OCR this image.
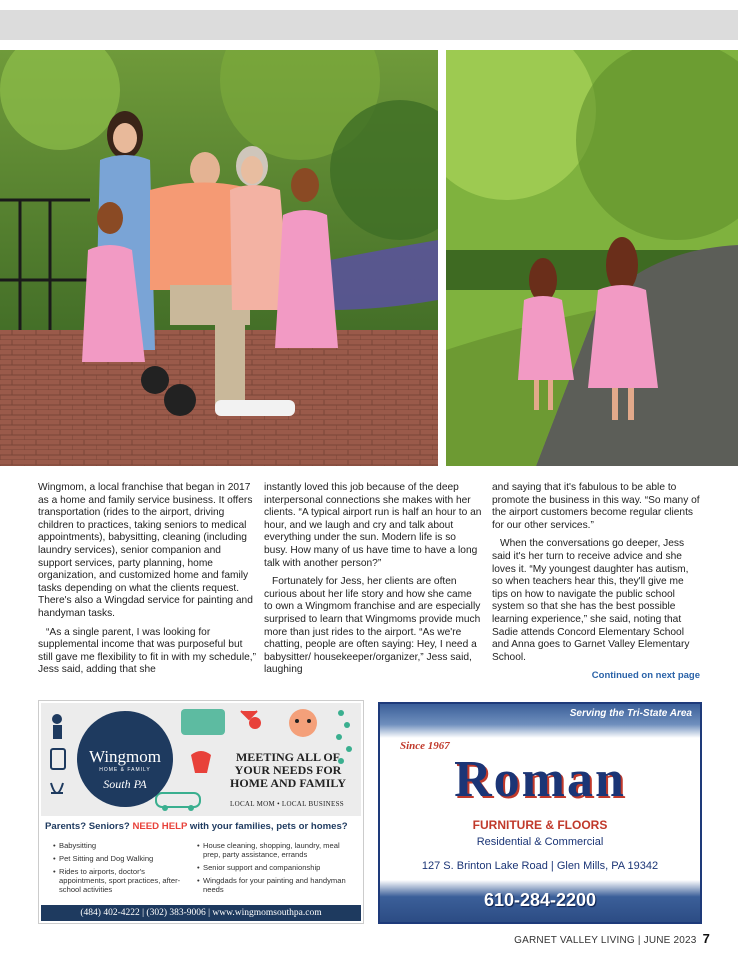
Wingmom, a local franchise that began in 2017 as a home and family service business. It offers transportation (rides to the airport, driving children to practices, taking seniors to medical appointments), babysitting, cleaning (including laundry services), senior companion and support services, party planning, home organization, and customized home and family tasks depending on what the clients request. There's also a Wingdad service for painting and handyman tasks.

“As a single parent, I was looking for supplemental income that was purposeful but still gave me flexibility to fit in with my schedule,” Jess said, adding that she

instantly loved this job because of the deep interpersonal connections she makes with her clients. “A typical airport run is half an hour to an hour, and we laugh and cry and talk about everything under the sun. Modern life is so busy. How many of us have time to have a long talk with another person?”

Fortunately for Jess, her clients are often curious about her life story and how she came to own a Wingmom franchise and are especially surprised to learn that Wingmoms provide much more than just rides to the airport. “As we're chatting, people are often saying: Hey, I need a babysitter/ housekeeper/organizer,” Jess said, laughing

and saying that it's fabulous to be able to promote the business in this way. “So many of the airport customers become regular clients for our other services.”

When the conversations go deeper, Jess said it's her turn to receive advice and she loves it. “My youngest daughter has autism, so when teachers hear this, they'll give me tips on how to navigate the public school system so that she has the best possible learning experience,” she said, noting that Sadie attends Concord Elementary School and Anna goes to Garnet Valley Elementary School.

Continued on next page
Wingmom
HOME & FAMILY
South PA
MEETING ALL OF YOUR NEEDS FOR HOME AND FAMILY
LOCAL MOM • LOCAL BUSINESS
Parents? Seniors? NEED HELP with your families, pets or homes?
• Babysitting
• Pet Sitting and Dog Walking
• Rides to airports, doctor's appointments, sport practices, after-school activities
• House cleaning, shopping, laundry, meal prep, party assistance, errands
• Senior support and companionship
• Wingdads for your painting and handyman needs
(484) 402-4222 | (302) 383-9006 | www.wingmomsouthpa.com
Serving the Tri-State Area
Since 1967
Roman
FURNITURE & FLOORS
Residential & Commercial
127 S. Brinton Lake Road | Glen Mills, PA 19342
610-284-2200
GARNET VALLEY LIVING | JUNE 2023 7
